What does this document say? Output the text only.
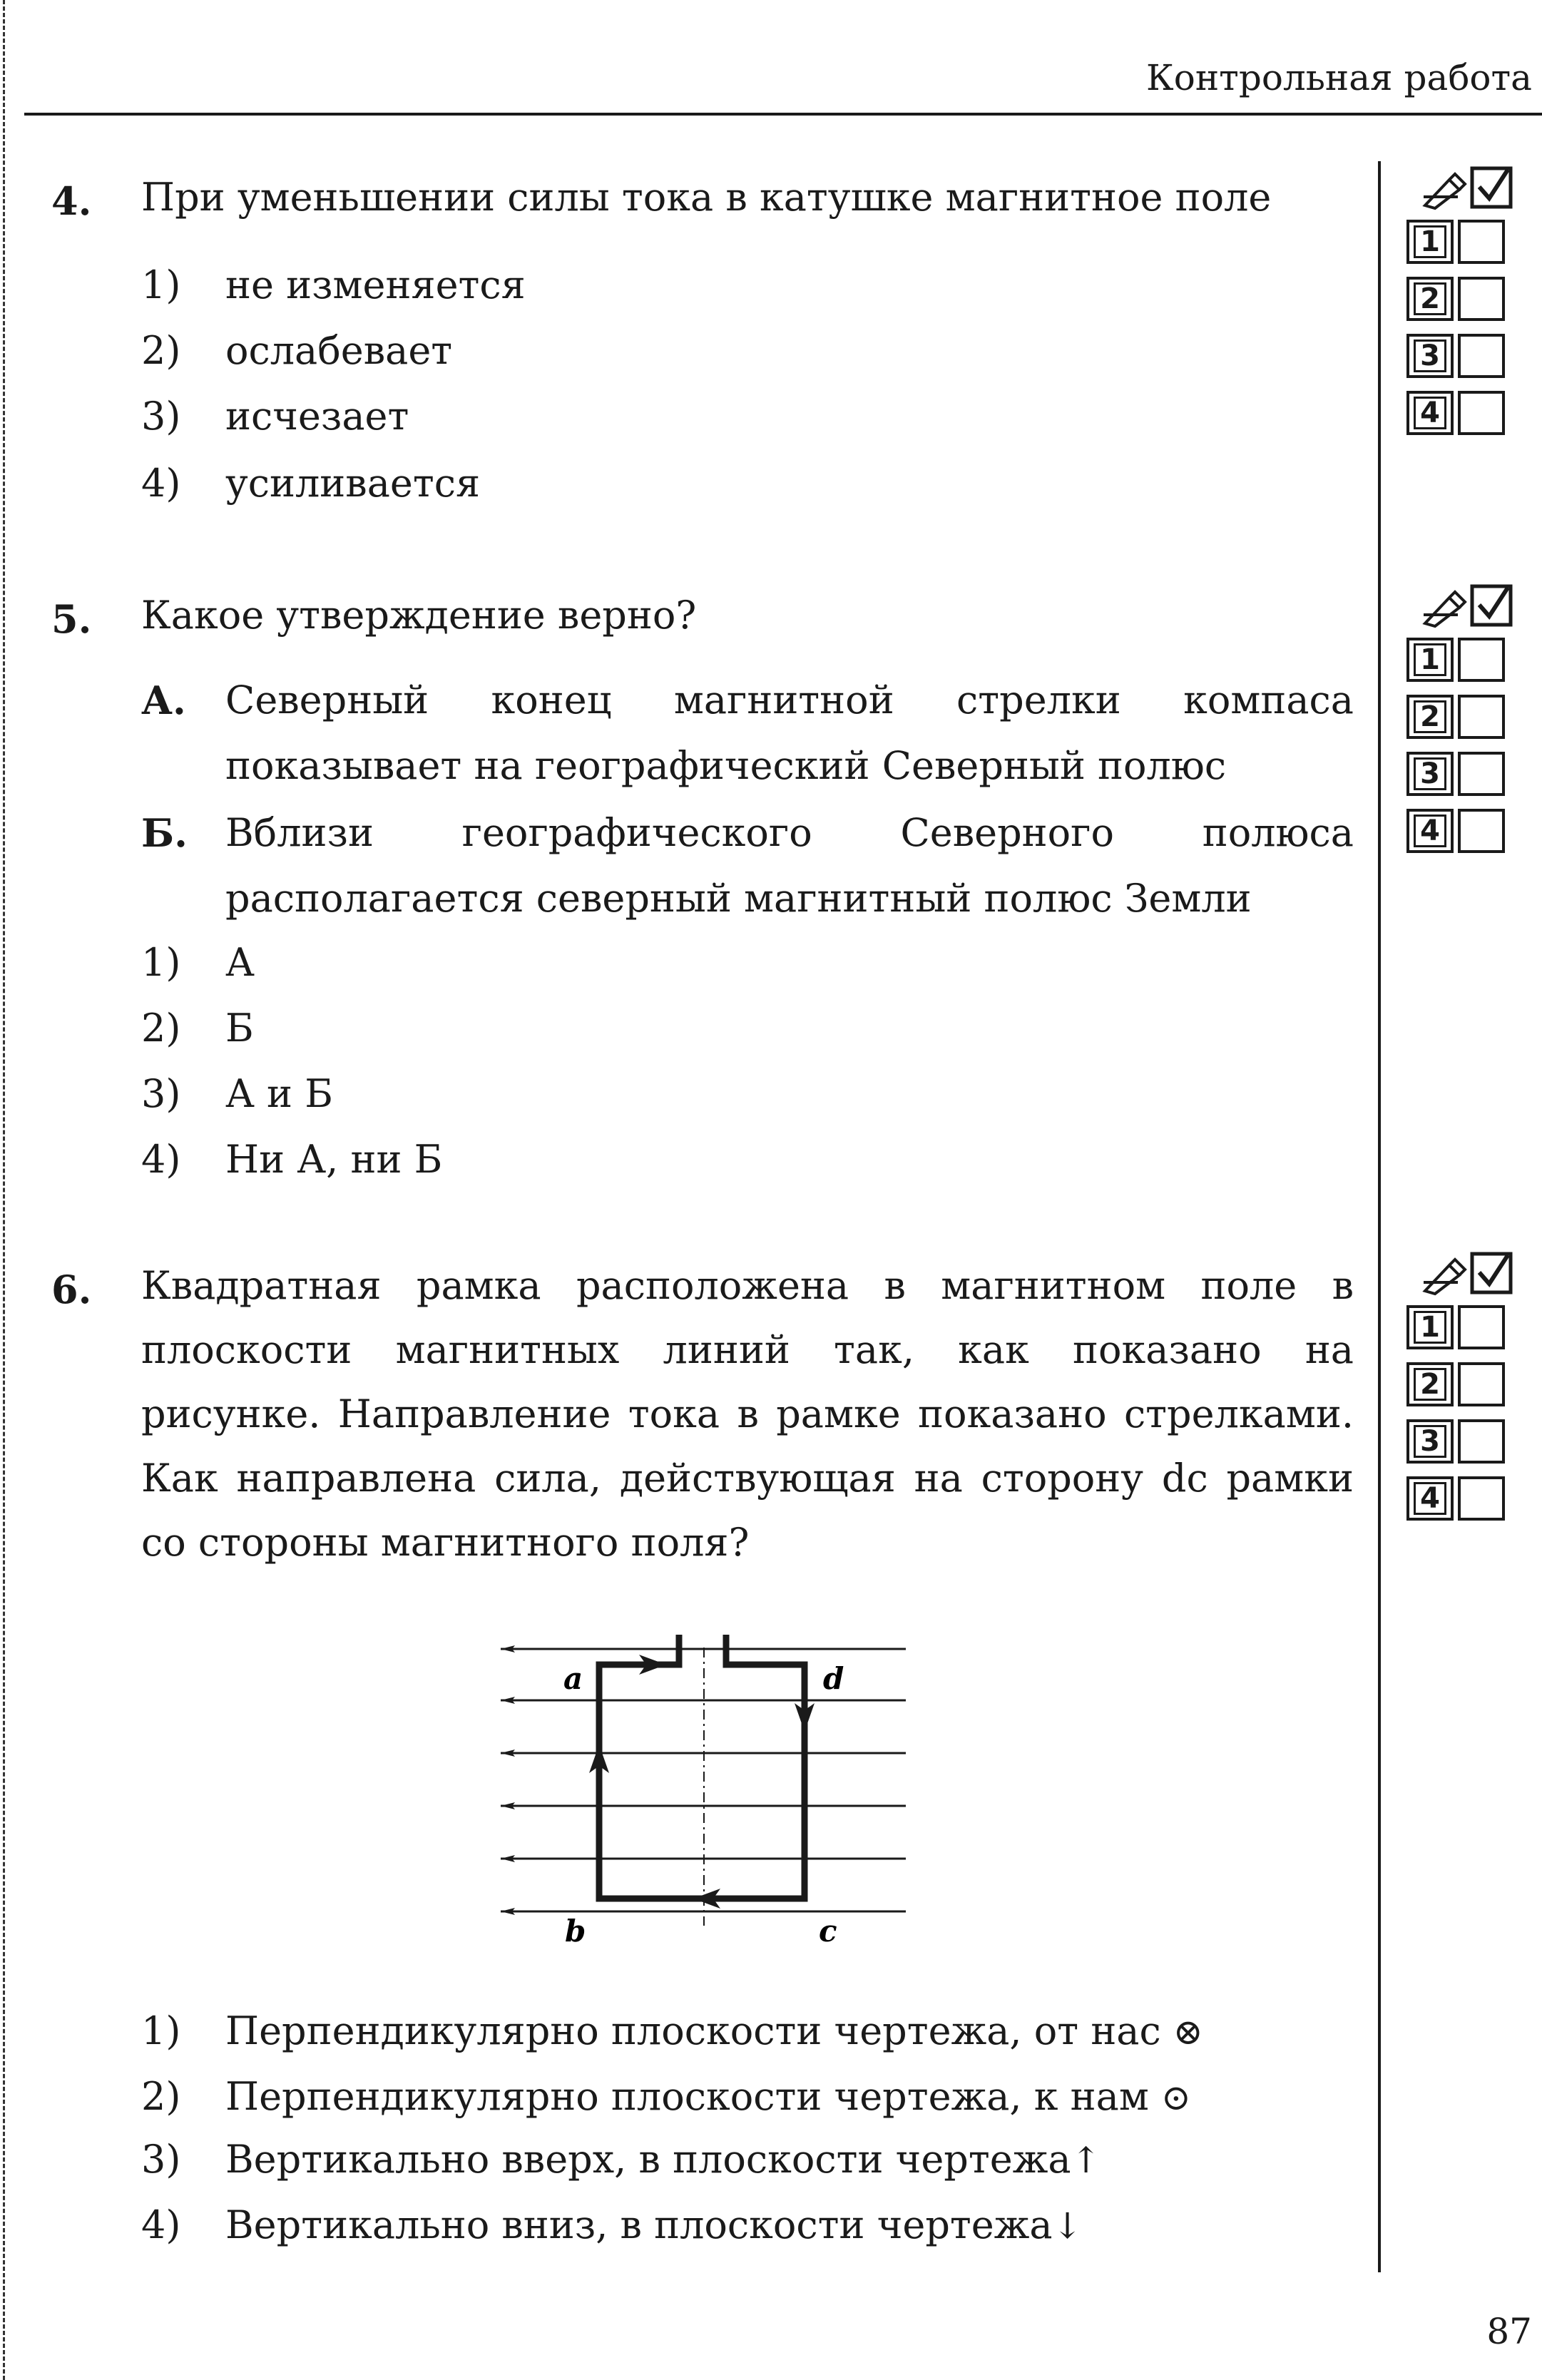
Контрольная работа
4. При уменьшении силы тока в катушке магнитное поле
1) не изменяется
2) ослабевает
3) исчезает
4) усиливается
5. Какое утверждение верно?
А. Северный конец магнитной стрелки компаса показывает на географический Северный полюс
Б. Вблизи географического Северного полюса располагается северный магнитный полюс Земли
1) А
2) Б
3) А и Б
4) Ни А, ни Б
6. Квадратная рамка расположена в магнитном поле в плоскости магнитных линий так, как показано на рисунке. Направление тока в рамке показано стрелками. Как направлена сила, действующая на сторону dc рамки со стороны магнитного поля?
a	d
b	c
1) Перпендикулярно плоскости чертежа, от нас ⊗
2) Перпендикулярно плоскости чертежа, к нам ⊙
3) Вертикально вверх, в плоскости чертежа↑
4) Вертикально вниз, в плоскости чертежа↓
1
2
3
4
1
2
3
4
1
2
3
4
87
